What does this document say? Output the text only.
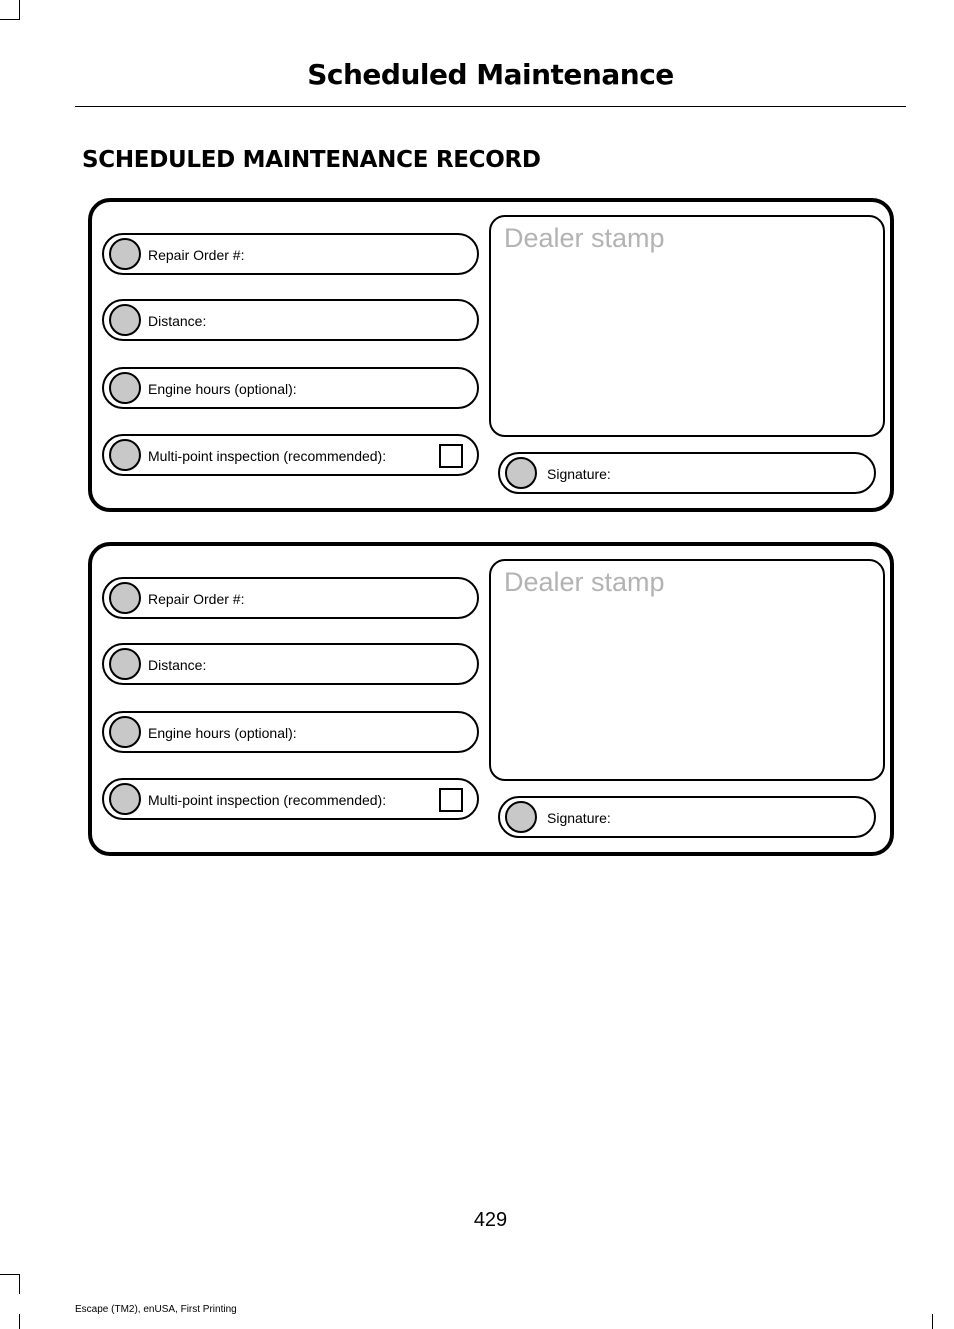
Scheduled Maintenance
SCHEDULED MAINTENANCE RECORD
Repair Order #:
Distance:
Engine hours (optional):
Multi-point inspection (recommended):
Dealer stamp
Signature:
Repair Order #:
Distance:
Engine hours (optional):
Multi-point inspection (recommended):
Dealer stamp
Signature:
429
Escape (TM2), enUSA, First Printing
